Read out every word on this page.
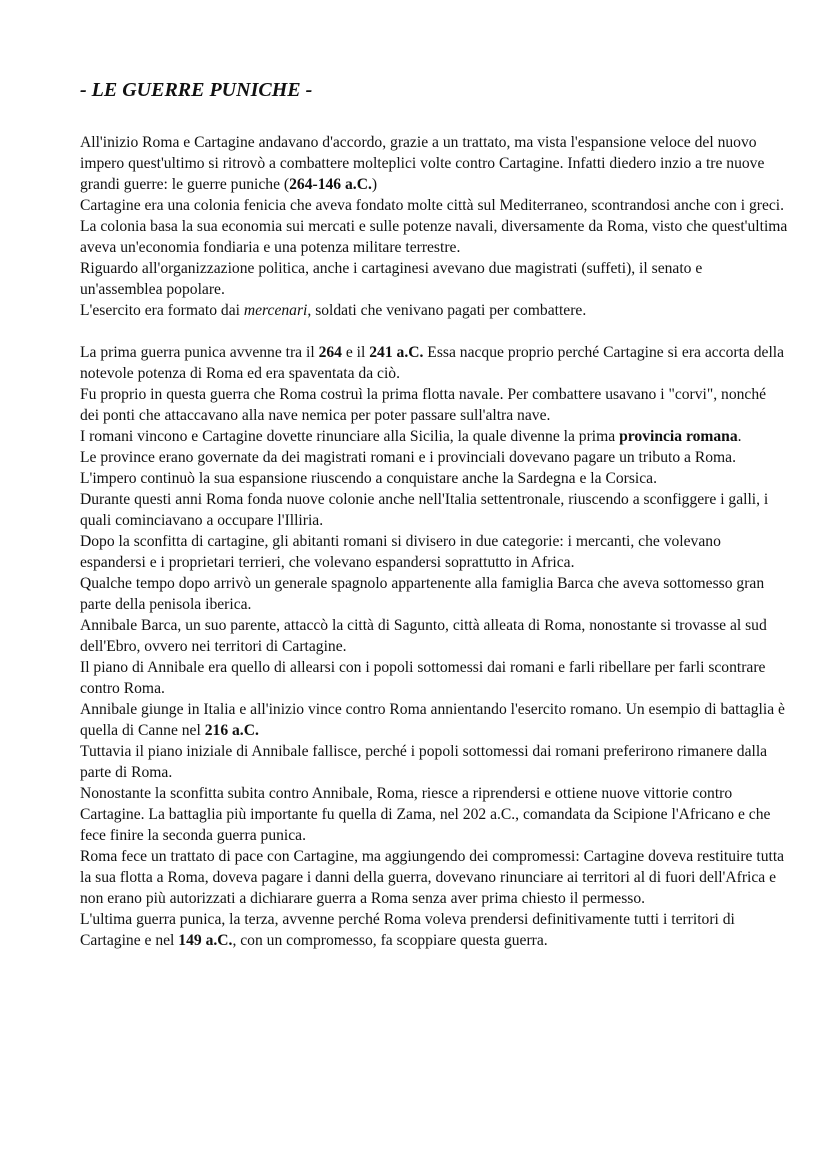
- LE GUERRE PUNICHE -

All'inizio Roma e Cartagine andavano d'accordo, grazie a un trattato, ma vista l'espansione veloce del nuovo impero quest'ultimo si ritrovò a combattere molteplici volte contro Cartagine. Infatti diedero inzio a tre nuove grandi guerre: le guerre puniche (264-146 a.C.)

Cartagine era una colonia fenicia che aveva fondato molte città sul Mediterraneo, scontrandosi anche con i greci. La colonia basa la sua economia sui mercati e sulle potenze navali, diversamente da Roma, visto che quest'ultima aveva un'economia fondiaria e una potenza militare terrestre.

Riguardo all'organizzazione politica, anche i cartaginesi avevano due magistrati (suffeti), il senato e un'assemblea popolare.

L'esercito era formato dai mercenari, soldati che venivano pagati per combattere.

La prima guerra punica avvenne tra il 264 e il 241 a.C. Essa nacque proprio perché Cartagine si era accorta della notevole potenza di Roma ed era spaventata da ciò.

Fu proprio in questa guerra che Roma costruì la prima flotta navale. Per combattere usavano i "corvi", nonché dei ponti che attaccavano alla nave nemica per poter passare sull'altra nave.

I romani vincono e Cartagine dovette rinunciare alla Sicilia, la quale divenne la prima provincia romana.

Le province erano governate da dei magistrati romani e i provinciali dovevano pagare un tributo a Roma.

L'impero continuò la sua espansione riuscendo a conquistare anche la Sardegna e la Corsica.

Durante questi anni Roma fonda nuove colonie anche nell'Italia settentronale, riuscendo a sconfiggere i galli, i quali cominciavano a occupare l'Illiria.

Dopo la sconfitta di cartagine, gli abitanti romani si divisero in due categorie: i mercanti, che volevano espandersi e i proprietari terrieri, che volevano espandersi soprattutto in Africa.

Qualche tempo dopo arrivò un generale spagnolo appartenente alla famiglia Barca che aveva sottomesso gran parte della penisola iberica.

Annibale Barca, un suo parente, attaccò la città di Sagunto, città alleata di Roma, nonostante si trovasse al sud dell'Ebro, ovvero nei territori di Cartagine.

Il piano di Annibale era quello di allearsi con i popoli sottomessi dai romani e farli ribellare per farli scontrare contro Roma.

Annibale giunge in Italia e all'inizio vince contro Roma annientando l'esercito romano. Un esempio di battaglia è quella di Canne nel 216 a.C.

Tuttavia il piano iniziale di Annibale fallisce, perché i popoli sottomessi dai romani preferirono rimanere dalla parte di Roma.

Nonostante la sconfitta subita contro Annibale, Roma, riesce a riprendersi e ottiene nuove vittorie contro Cartagine. La battaglia più importante fu quella di Zama, nel 202 a.C., comandata da Scipione l'Africano e che fece finire la seconda guerra punica.

Roma fece un trattato di pace con Cartagine, ma aggiungendo dei compromessi: Cartagine doveva restituire tutta la sua flotta a Roma, doveva pagare i danni della guerra, dovevano rinunciare ai territori al di fuori dell'Africa e non erano più autorizzati a dichiarare guerra a Roma senza aver prima chiesto il permesso.

L'ultima guerra punica, la terza, avvenne perché Roma voleva prendersi definitivamente tutti i territori di Cartagine e nel 149 a.C., con un compromesso, fa scoppiare questa guerra.
